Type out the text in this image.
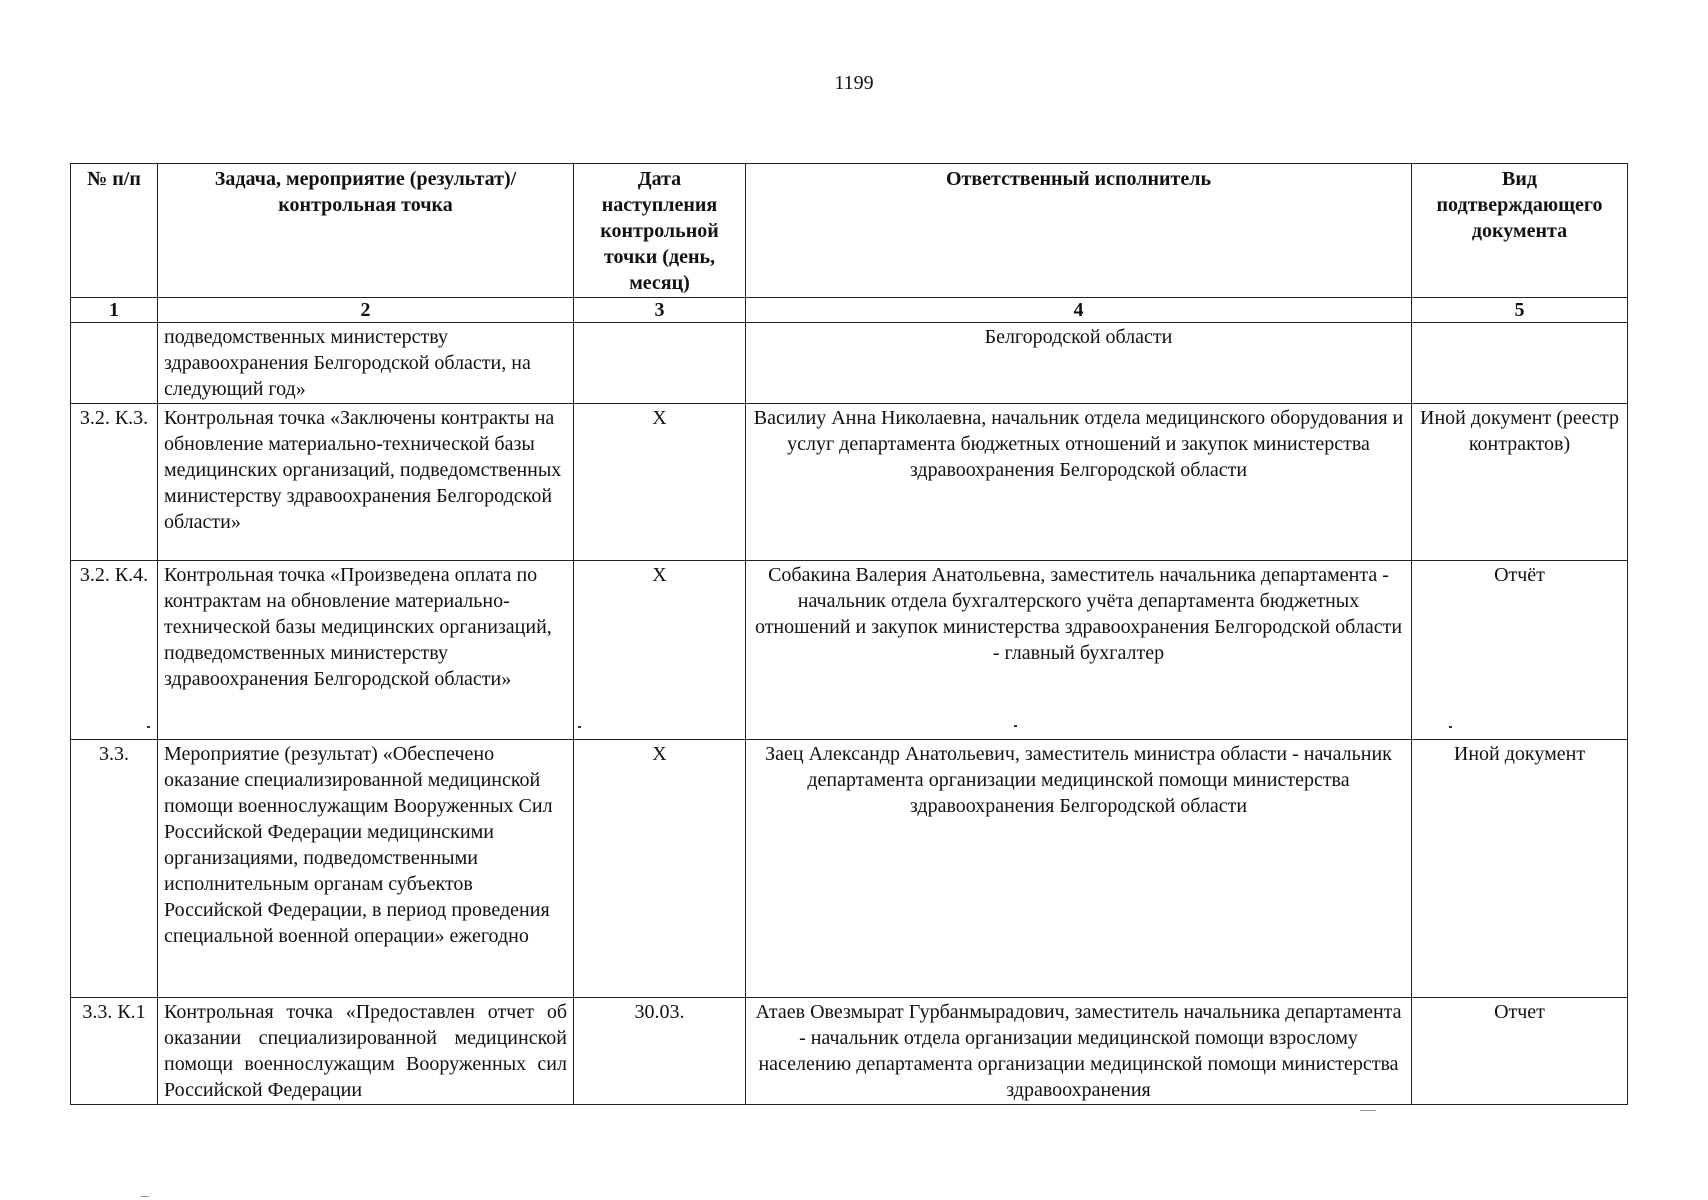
1199
№ п/п	Задача, мероприятие (результат)/ контрольная точка	Дата наступления контрольной точки (день, месяц)	Ответственный исполнитель	Вид подтверждающего документа
1	2	3	4	5
	подведомственных министерству здравоохранения Белгородской области, на следующий год»		Белгородской области	
3.2. К.3.	Контрольная точка «Заключены контракты на обновление материально-технической базы медицинских организаций, подведомственных министерству здравоохранения Белгородской области»	X	Василиу Анна Николаевна, начальник отдела медицинского оборудования и услуг департамента бюджетных отношений и закупок министерства здравоохранения Белгородской области	Иной документ (реестр контрактов)
3.2. К.4.	Контрольная точка «Произведена оплата по контрактам на обновление материально-технической базы медицинских организаций, подведомственных министерству здравоохранения Белгородской области»	X	Собакина Валерия Анатольевна, заместитель начальника департамента - начальник отдела бухгалтерского учёта департамента бюджетных отношений и закупок министерства здравоохранения Белгородской области - главный бухгалтер	Отчёт
3.3.	Мероприятие (результат) «Обеспечено оказание специализированной медицинской помощи военнослужащим Вооруженных Сил Российской Федерации медицинскими организациями, подведомственными исполнительным органам субъектов Российской Федерации, в период проведения специальной военной операции» ежегодно	X	Заец Александр Анатольевич, заместитель министра области - начальник департамента организации медицинской помощи министерства здравоохранения Белгородской области	Иной документ
3.3. К.1	Контрольная точка «Предоставлен отчет об оказании специализированной медицинской помощи военнослужащим Вооруженных сил Российской Федерации	30.03.	Атаев Овезмырат Гурбанмырадович, заместитель начальника департамента - начальник отдела организации медицинской помощи взрослому населению департамента организации медицинской помощи министерства здравоохранения	Отчет
